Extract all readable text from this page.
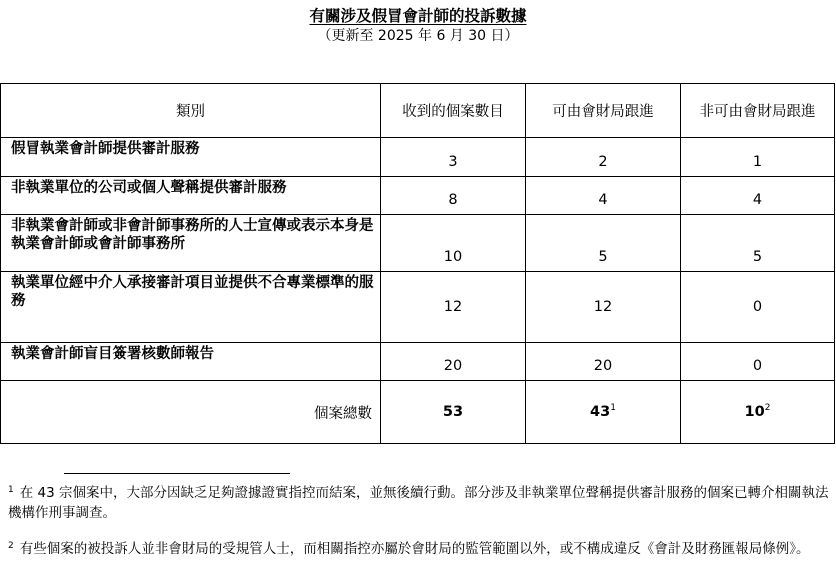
有關涉及假冒會計師的投訴數據
（更新至 2025 年 6 月 30 日）
類別	收到的個案數目	可由會財局跟進	非可由會財局跟進
假冒執業會計師提供審計服務	3	2	1
非執業單位的公司或個人聲稱提供審計服務	8	4	4
非執業會計師或非會計師事務所的人士宣傳或表示本身是執業會計師或會計師事務所	10	5	5
執業單位經中介人承接審計項目並提供不合專業標準的服務	12	12	0
執業會計師盲目簽署核數師報告	20	20	0
個案總數	53	$43^1$	$10^2$
$^1$ 在 43 宗個案中，大部分因缺乏足夠證據證實指控而結案，並無後續行動。部分涉及非執業單位聲稱提供審計服務的個案已轉介相關執法機構作刑事調查。
$^2$ 有些個案的被投訴人並非會財局的受規管人士，而相關指控亦屬於會財局的監管範圍以外，或不構成違反《會計及財務匯報局條例》。
